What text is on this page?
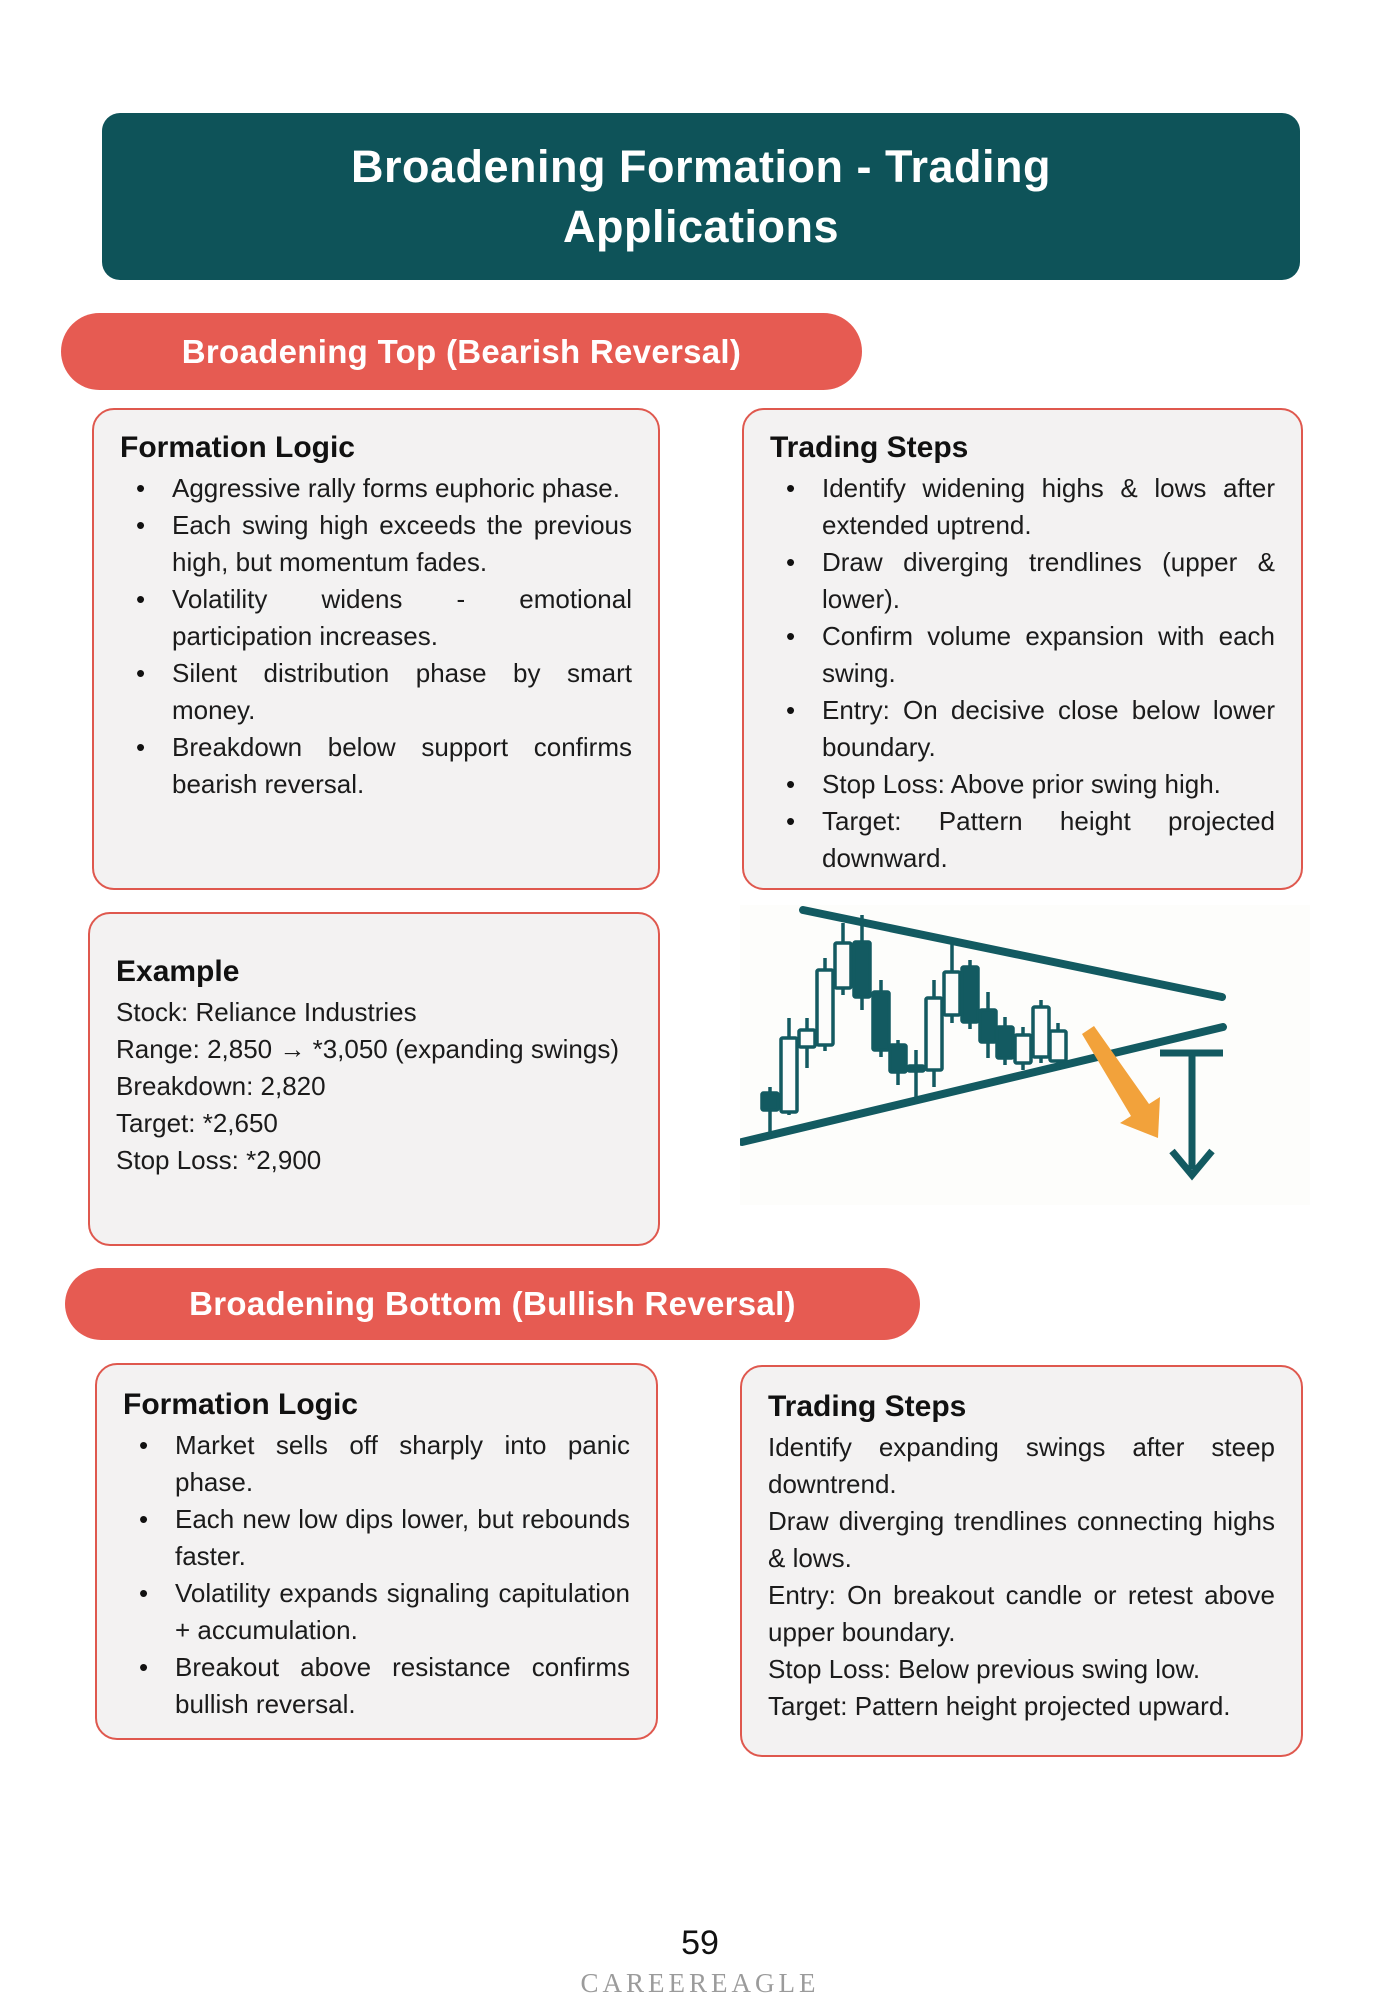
Broadening Formation - Trading Applications
Broadening Top (Bearish Reversal)
Formation Logic
• Aggressive rally forms euphoric phase.
• Each swing high exceeds the previous high, but momentum fades.
• Volatility widens - emotional participation increases.
• Silent distribution phase by smart money.
• Breakdown below support confirms bearish reversal.
Trading Steps
• Identify widening highs & lows after extended uptrend.
• Draw diverging trendlines (upper & lower).
• Confirm volume expansion with each swing.
• Entry: On decisive close below lower boundary.
• Stop Loss: Above prior swing high.
• Target: Pattern height projected downward.
Example
Stock: Reliance Industries
Range: 2,850 → *3,050 (expanding swings)
Breakdown: 2,820
Target: *2,650
Stop Loss: *2,900
Broadening Bottom (Bullish Reversal)
Formation Logic
• Market sells off sharply into panic phase.
• Each new low dips lower, but rebounds faster.
• Volatility expands signaling capitulation + accumulation.
• Breakout above resistance confirms bullish reversal.
Trading Steps
Identify expanding swings after steep downtrend.
Draw diverging trendlines connecting highs & lows.
Entry: On breakout candle or retest above upper boundary.
Stop Loss: Below previous swing low.
Target: Pattern height projected upward.
59
CAREEREAGLE
